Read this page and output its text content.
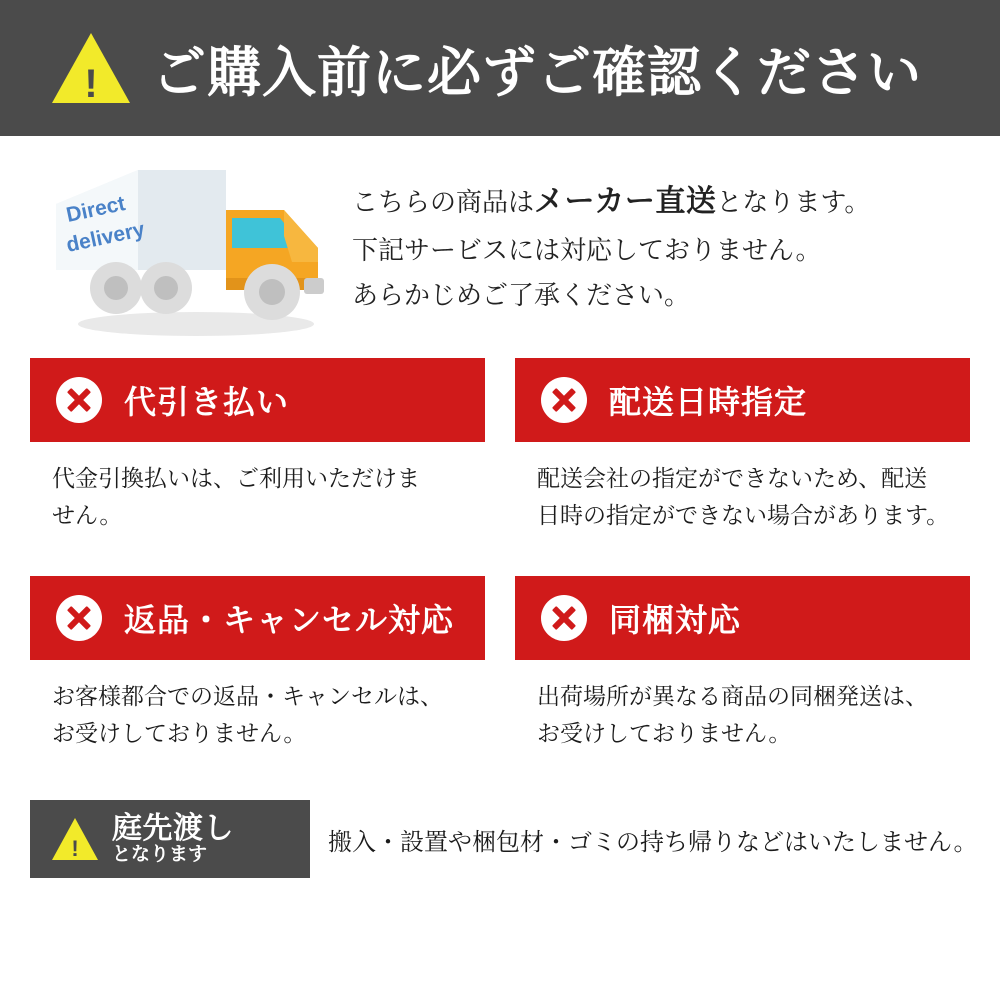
!	ご購入前に必ずご確認ください
Direct
delivery
こちらの商品はメーカー直送となります。
下記サービスには対応しておりません。
あらかじめご了承ください。
代引き払い

代金引換払いは、ご利用いただけま

せん。

配送日時指定

配送会社の指定ができないため、配送

日時の指定ができない場合があります。

返品・キャンセル対応

お客様都合での返品・キャンセルは、

お受けしておりません。

同梱対応

出荷場所が異なる商品の同梱発送は、

お受けしておりません。

!
庭先渡し
となります	搬入・設置や梱包材・ゴミの持ち帰りなどはいたしません。
